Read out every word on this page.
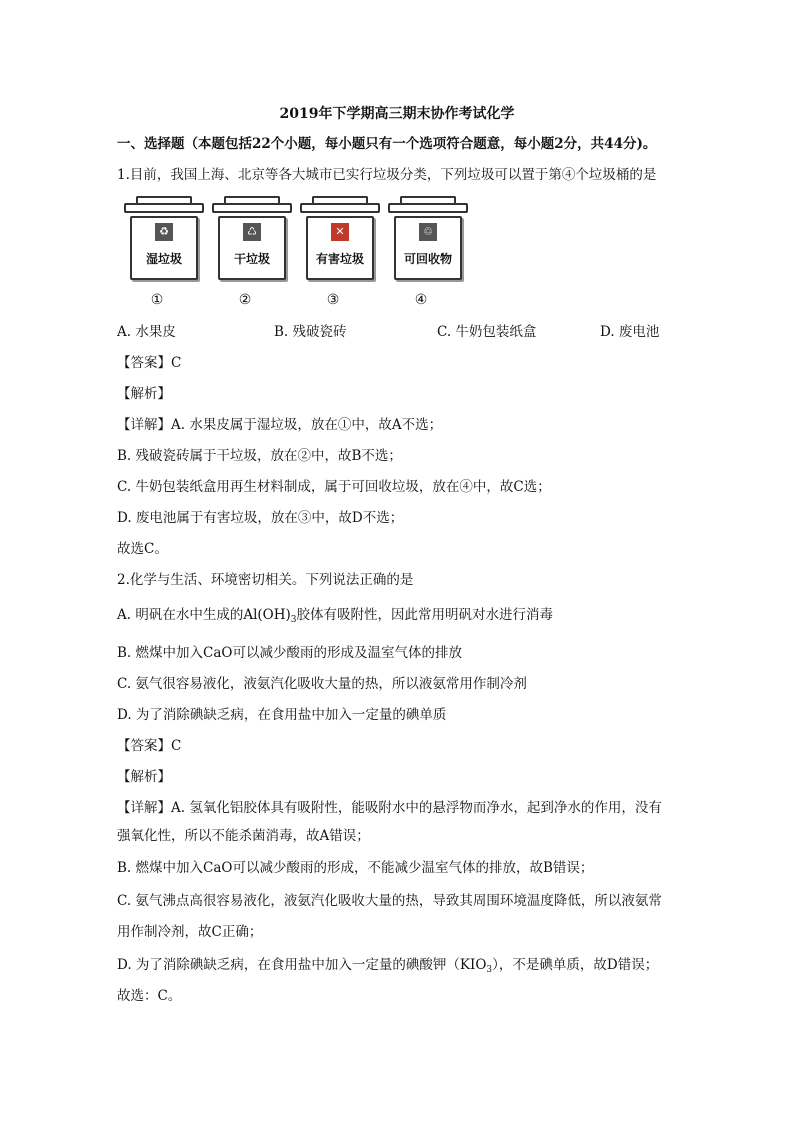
2019年下学期高三期末协作考试化学
一、选择题（本题包括22个小题，每小题只有一个选项符合题意，每小题2分，共44分)。
1.目前，我国上海、北京等各大城市已实行垃圾分类，下列垃圾可以置于第④个垃圾桶的是
♻
湿垃圾
①
♺
干垃圾
②
✕
有害垃圾
③
♲
可回收物
④
A. 水果皮	B. 残破瓷砖	C. 牛奶包装纸盒	D. 废电池
【答案】C
【解析】
【详解】A. 水果皮属于湿垃圾，放在①中，故A不选；
B. 残破瓷砖属于干垃圾，放在②中，故B不选；
C. 牛奶包装纸盒用再生材料制成，属于可回收垃圾，放在④中，故C选；
D. 废电池属于有害垃圾，放在③中，故D不选；
故选C。
2.化学与生活、环境密切相关。下列说法正确的是
A. 明矾在水中生成的$Al(OH)_3$胶体有吸附性，因此常用明矾对水进行消毒
B. 燃煤中加入CaO可以减少酸雨的形成及温室气体的排放
C. 氨气很容易液化，液氨汽化吸收大量的热，所以液氨常用作制冷剂
D. 为了消除碘缺乏病，在食用盐中加入一定量的碘单质
【答案】C
【解析】
【详解】A. 氢氧化铝胶体具有吸附性，能吸附水中的悬浮物而净水，起到净水的作用，没有
强氧化性，所以不能杀菌消毒，故A错误；
B. 燃煤中加入CaO可以减少酸雨的形成，不能减少温室气体的排放，故B错误；
C. 氨气沸点高很容易液化，液氨汽化吸收大量的热，导致其周围环境温度降低，所以液氨常
用作制冷剂，故C正确；
D. 为了消除碘缺乏病，在食用盐中加入一定量的碘酸钾$(KIO_3)$，不是碘单质，故D错误；
故选：C。
